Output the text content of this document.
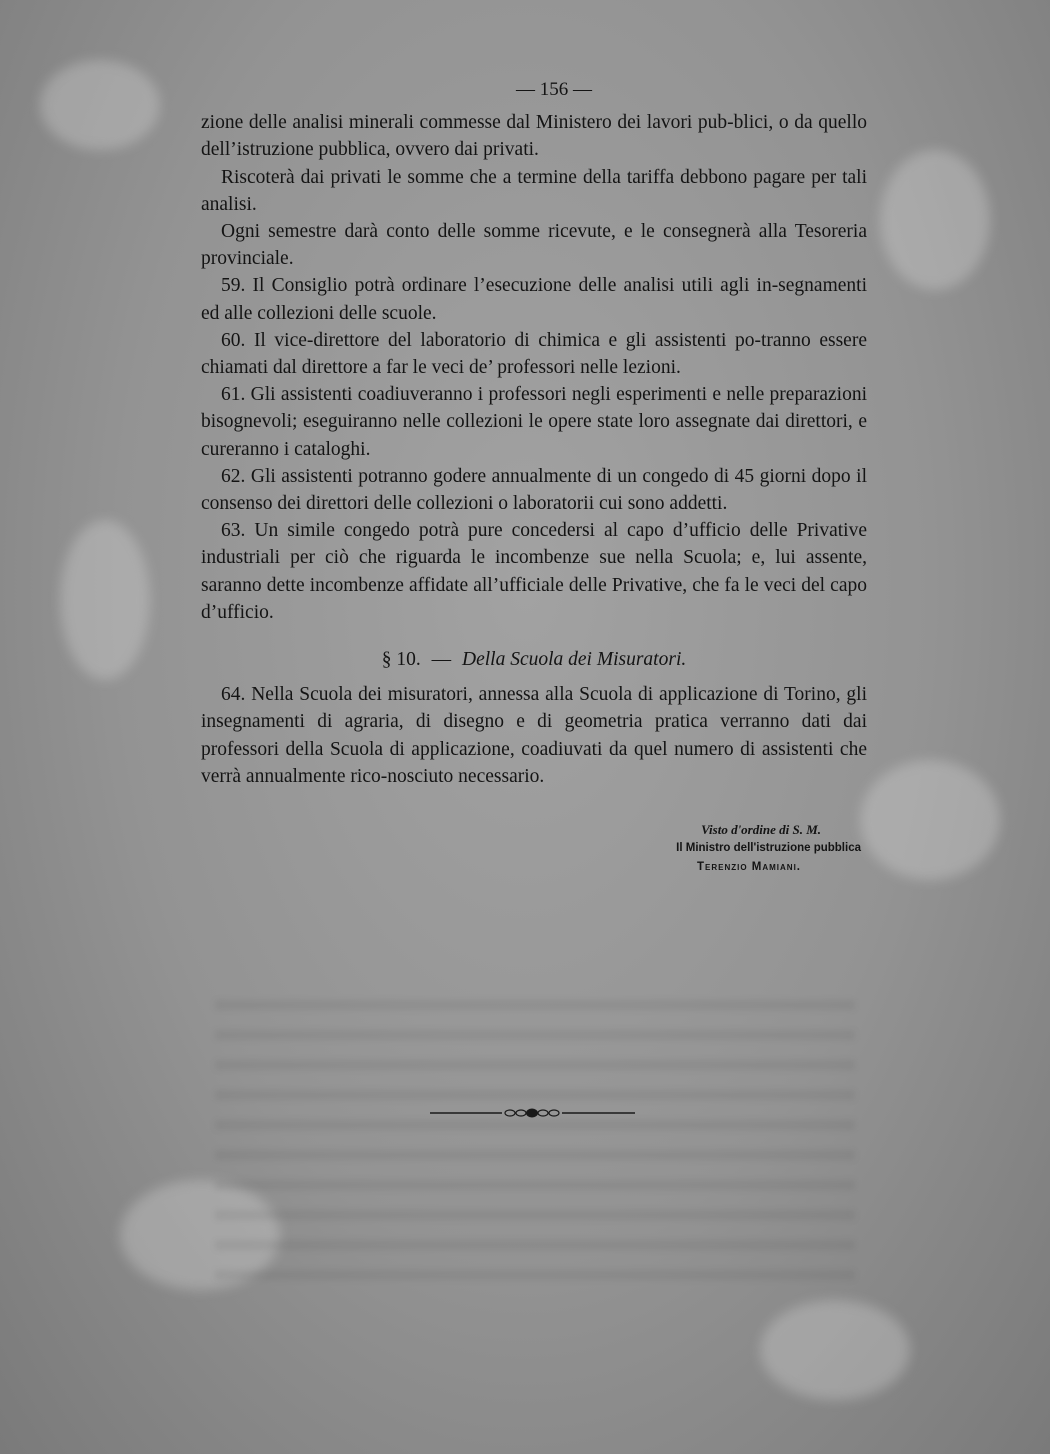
— 156 —

zione delle analisi minerali commesse dal Ministero dei lavori pub-blici, o da quello dell’istruzione pubblica, ovvero dai privati.

Riscoterà dai privati le somme che a termine della tariffa debbono pagare per tali analisi.

Ogni semestre darà conto delle somme ricevute, e le consegnerà alla Tesoreria provinciale.

59. Il Consiglio potrà ordinare l’esecuzione delle analisi utili agli in-segnamenti ed alle collezioni delle scuole.

60. Il vice-direttore del laboratorio di chimica e gli assistenti po-tranno essere chiamati dal direttore a far le veci de’ professori nelle lezioni.

61. Gli assistenti coadiuveranno i professori negli esperimenti e nelle preparazioni bisognevoli; eseguiranno nelle collezioni le opere state loro assegnate dai direttori, e cureranno i cataloghi.

62. Gli assistenti potranno godere annualmente di un congedo di 45 giorni dopo il consenso dei direttori delle collezioni o laboratorii cui sono addetti.

63. Un simile congedo potrà pure concedersi al capo d’ufficio delle Privative industriali per ciò che riguarda le incombenze sue nella Scuola; e, lui assente, saranno dette incombenze affidate all’ufficiale delle Privative, che fa le veci del capo d’ufficio.

§ 10. — Della Scuola dei Misuratori.

64. Nella Scuola dei misuratori, annessa alla Scuola di applicazione di Torino, gli insegnamenti di agraria, di disegno e di geometria pratica verranno dati dai professori della Scuola di applicazione, coadiuvati da quel numero di assistenti che verrà annualmente rico-nosciuto necessario.

Visto d'ordine di S. M.
Il Ministro dell'istruzione pubblica
Terenzio Mamiani.
